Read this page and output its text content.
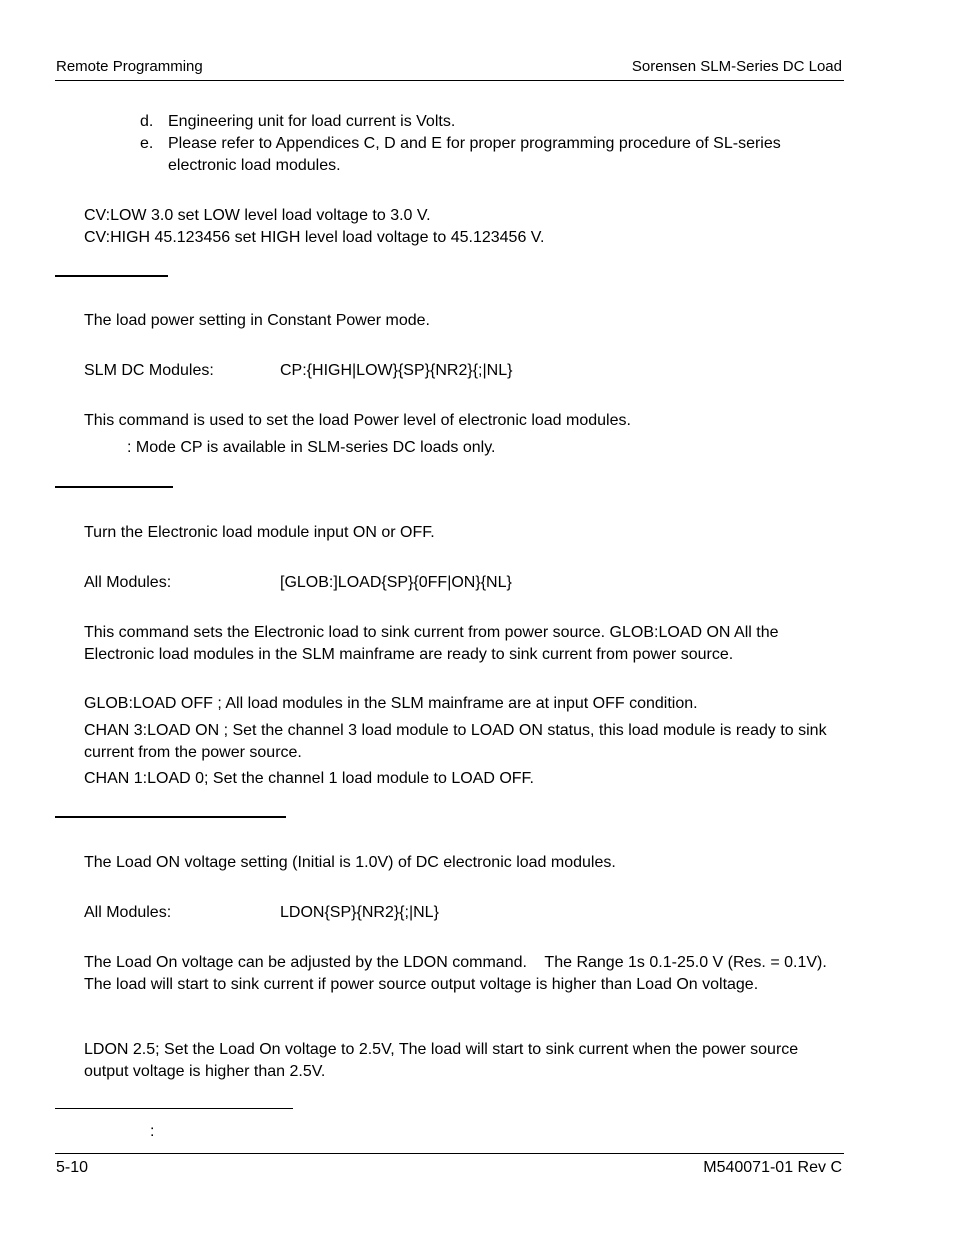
Remote Programming	Sorensen SLM-Series DC Load
d. Engineering unit for load current is Volts.
e. Please refer to Appendices C, D and E for proper programming procedure of SL-series electronic load modules.
CV:LOW 3.0 set LOW level load voltage to 3.0 V.
CV:HIGH 45.123456 set HIGH level load voltage to 45.123456 V.
The load power setting in Constant Power mode.
SLM DC Modules:	CP:{HIGH|LOW}{SP}{NR2}{;|NL}
This command is used to set the load Power level of electronic load modules.
: Mode CP is available in SLM-series DC loads only.
Turn the Electronic load module input ON or OFF.
All Modules:	[GLOB:]LOAD{SP}{0FF|ON}{NL}
This command sets the Electronic load to sink current from power source. GLOB:LOAD ON All the Electronic load modules in the SLM mainframe are ready to sink current from power source.
GLOB:LOAD OFF ; All load modules in the SLM mainframe are at input OFF condition.
CHAN 3:LOAD ON ; Set the channel 3 load module to LOAD ON status, this load module is ready to sink current from the power source.
CHAN 1:LOAD 0; Set the channel 1 load module to LOAD OFF.
The Load ON voltage setting (Initial is 1.0V) of DC electronic load modules.
All Modules:	LDON{SP}{NR2}{;|NL}
The Load On voltage can be adjusted by the LDON command.    The Range 1s 0.1-25.0 V (Res. = 0.1V). The load will start to sink current if power source output voltage is higher than Load On voltage.
LDON 2.5; Set the Load On voltage to 2.5V, The load will start to sink current when the power source output voltage is higher than 2.5V.
:
5-10	M540071-01 Rev C
